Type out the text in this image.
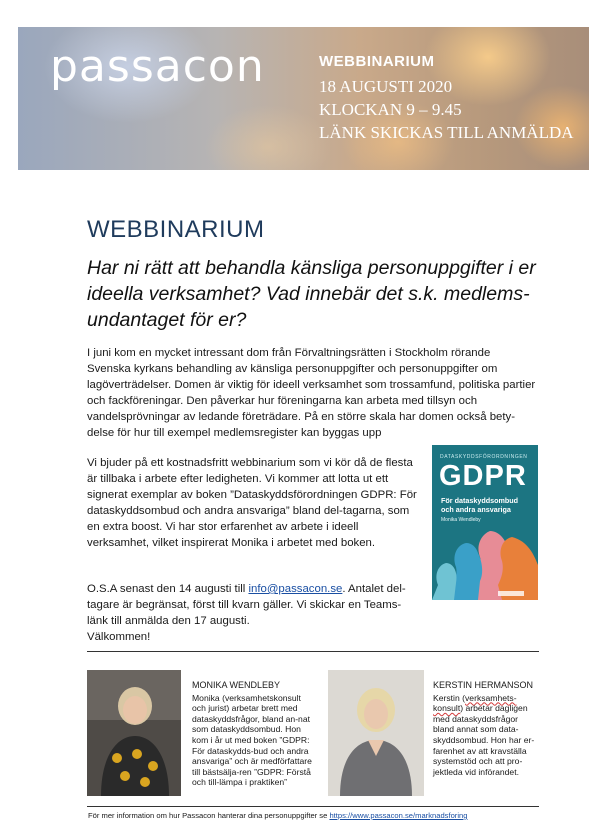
passacon	WEBBINARIUM
18 AUGUSTI 2020
KLOCKAN 9 – 9.45
LÄNK SKICKAS TILL ANMÄLDA
WEBBINARIUM
Har ni rätt att behandla känsliga personuppgifter i er ideella verksamhet? Vad innebär det s.k. medlems-undantaget för er?
I juni kom en mycket intressant dom från Förvaltningsrätten i Stockholm rörande Svenska kyrkans behandling av känsliga personuppgifter och personuppgifter om lagöverträdelser. Domen är viktig för ideell verksamhet som trossamfund, politiska partier och fackföreningar. Den påverkar hur föreningarna kan arbeta med tillsyn och vandelsprövningar av ledande företrädare. På en större skala har domen också bety-delse för hur till exempel medlemsregister kan byggas upp
Vi bjuder på ett kostnadsfritt webbinarium som vi kör då de flesta är tillbaka i arbete efter ledigheten. Vi kommer att lotta ut ett signerat exemplar av boken ”Dataskyddsförordningen GDPR: För dataskyddsombud och andra ansvariga” bland del-tagarna, som en extra boost. Vi har stor erfarenhet av arbete i ideell verksamhet, vilket inspirerat Monika i arbetet med boken.
O.S.A senast den 14 augusti till info@passacon.se. Antalet del-tagare är begränsat, först till kvarn gäller. Vi skickar en Teams-länk till anmälda den 17 augusti.
Välkommen!
DATASKYDDSFÖRORDNINGEN
GDPR
För dataskyddsombud och andra ansvariga
Monika Wendleby
MONIKA WENDLEBY
Monika (verksamhetskonsult och jurist) arbetar brett med dataskyddsfrågor, bland an-nat som dataskyddsombud. Hon kom i år ut med boken ”GDPR: För dataskydds-bud och andra ansvariga” och är medförfattare till bästsälja-ren ”GDPR: Förstå och till-lämpa i praktiken”
KERSTIN HERMANSON
Kerstin (verksamhets-konsult) arbetar dagligen med dataskyddsfrågor bland annat som data-skyddsombud. Hon har er-farenhet av att kravställa systemstöd och att pro-jektleda vid införandet.
För mer information om hur Passacon hanterar dina personuppgifter se https://www.passacon.se/marknadsforing
